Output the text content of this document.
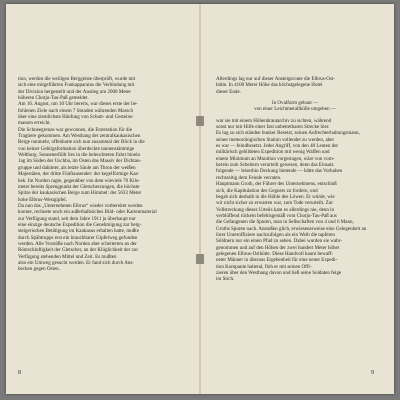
tion, werden die weiligen Berggeiste überprüft, wurde mit
sich eine mitgeführten Funkapparatus die Verbindung mit
der Division hergestellt und der Anstieg um 2000 Meter
höheren Chotju-Tau-Paß gemeldet.

Am 16. August, um 10 Uhr bereits, war dieses erste der be-
fohlenen Ziele nach einem 7 Stunden währenden Marsch
über eine ziemlichste Häufung von Schutt- und Gesteins-
massen erreicht.

Die Schneegrenze war gewonnen, die Ersteration für die
Tragtiere gekommen. Am Westhang der zentralkaukasischen
Berge nunmehr, offenbarte sich nun zusammal der Blick in die
von keiner Gebirgsformation überdeckte tannenstämmige
Weltburg. Sonnenerfüllt lies in die beleuchteten Fahrt hinein
1ag im Süden der Uschba, im Osten das Massiv der Dichtau-
gruppe und dahinter, als letzte Säule am Thron der weißen
Majestäten, der dritte Fünftausender: der kegelförmige Kas-
bek. Im Norden ragte, gegenüber von dem wieviele 70 Kilo-
meter bereits Sprengpunkt der Gletscherzungen, die höchste
Spitze der kaukasischen Berge zum Himmel: der 5633 Meter
hohe Elbrus-Westgipfel.

Da nun das „Unternehmen Elbrus“ wieder vorbereitet werden
konnte, rechnete noch ein außerhalbsiches Bild- oder Kartenmaterial
zur Verfügung stand, seit dem Jahre 1911 ja überhaupt nur
eine einzige deutsche Expedition die Genehmigung zur berg-
steigerischen Betätigung im Kaukasus erhalten hatte, mußte
durch Spähtrupps erst ein brauchbarer Gipfelweg gefunden
werden. Alle Vorstöße nach Norden aber scheiterten an der
Röntschluftigkeit der Gletscher, an der Klüglichkeit der zur
Verfügung stehenden Mittel und Zeit. Es mußten
also ein Umweg gesucht werden. Er fand sich durch Ans-
becken gegen Osten.

Allerdings lag nur auf dieser Ansteigsroute die Elbrus-Ost-
hütte. In 4100 Meter Höhe das höchstgelegene Hotel
dieser Ende.

In Ovalform gebaut —

von einer Leichtmetallhülle umgeben —

war sie mit einem Höhenbrautarchiv zu sichten, während
sonst nur mit Hilfe einer fast unbetretbaren Strecke hier.

Es lag zu sich ständen bunker Besetzt, seinen Aufrechterhaltungsmann,
seiner meteorologischen Station vollendet zu werden, aber
es war — feindbesetzt. Jeder Angriff, von den 40 Leuten der
militärisch gebildeten Expedition mit wenig Waffen und
einem Minimum an Munition vorgetragen, wäre von vorn-
herein zum Scheitern verurteilt gewesen, denn das Einsatz
folgende — leiserhin Deckung bietende — hätte das Vorhaben
rechtzeitig dem Feinde verraten.

Hauptmann Groth, der Führer des Unternehmens, entschloß
sich, die Kapitulation des Gegners zu fordern, und
begab sich deshalb in die Höhle des Löwen. Er würde, wie
wir nicht sicher zu erwarten war, zum Tode verurteilt. Zur
Vollstreckung dieses Urteils kam es allerdings nie, denn in
verblüffend rückem befehlsgemäß vom Chotju-Tau-Paß aus
die Gefangenen die Spuren, man in Selbschaften von 4 und 6 Mann,
Groths Spuren nach. Anstoßen glich, erwiesenerweise eine Gelegenheit an
ihrer Unteroffiziere nachzufolgen als ein Weib die tapferen
Söldnern nur ein einen Pfad zu sehen. Dabei wurden sie wahr-
genommen und auf den Höhen der zwei hundert Meter höher
gelegenen Elbrus-Osthütte. Diese Handvoll kaum bewaff-
neter Männer in überaus Ergebenheit für eine neuer Expedi-
tion Kompanie haltend, floh er mit seinen Offi-
zieren über den Westhang davon und ließ seine Soldaten feige
im Stich.

8	9
